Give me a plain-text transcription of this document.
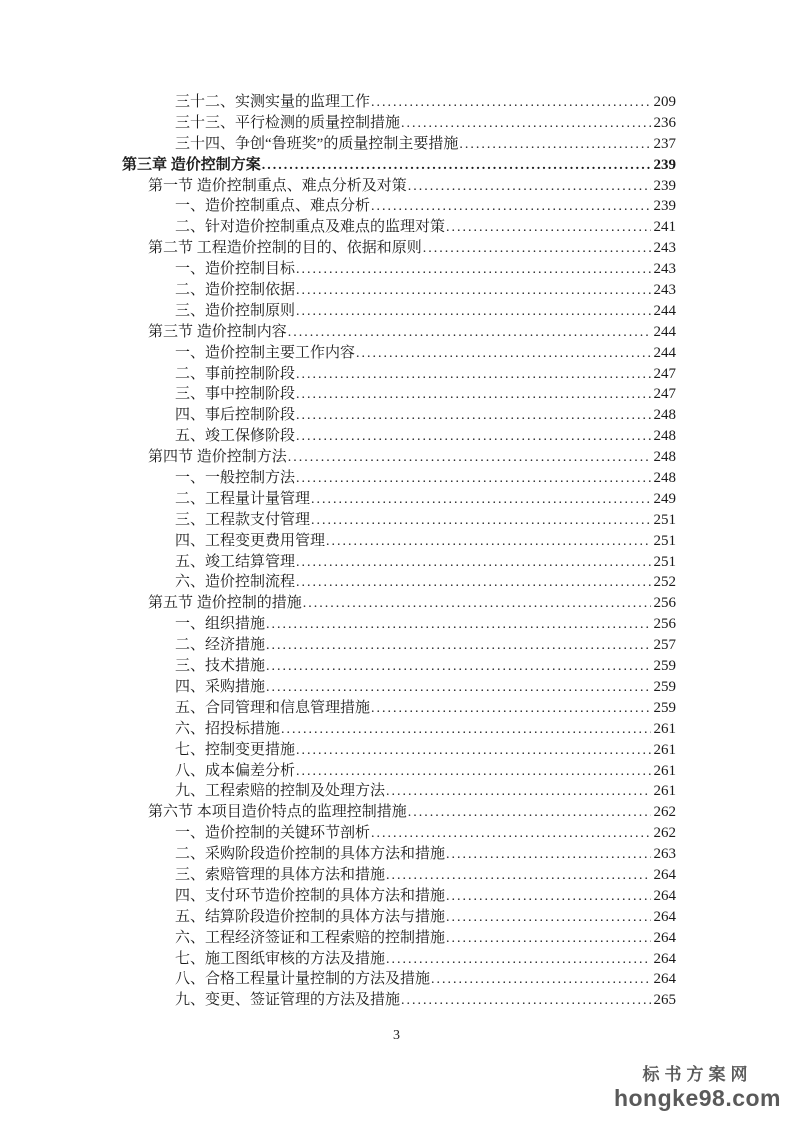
三十二、实测实量的监理工作 .....	209
三十三、平行检测的质量控制措施 .....	236
三十四、争创“鲁班奖”的质量控制主要措施 .....	237
第三章 造价控制方案 .....	239
第一节 造价控制重点、难点分析及对策 .....	239
一、造价控制重点、难点分析 .....	239
二、针对造价控制重点及难点的监理对策 .....	241
第二节 工程造价控制的目的、依据和原则 .....	243
一、造价控制目标 .....	243
二、造价控制依据 .....	243
三、造价控制原则 .....	244
第三节 造价控制内容 .....	244
一、造价控制主要工作内容 .....	244
二、事前控制阶段 .....	247
三、事中控制阶段 .....	247
四、事后控制阶段 .....	248
五、竣工保修阶段 .....	248
第四节 造价控制方法 .....	248
一、一般控制方法 .....	248
二、工程量计量管理 .....	249
三、工程款支付管理 .....	251
四、工程变更费用管理 .....	251
五、竣工结算管理 .....	251
六、造价控制流程 .....	252
第五节 造价控制的措施 .....	256
一、组织措施 .....	256
二、经济措施 .....	257
三、技术措施 .....	259
四、采购措施 .....	259
五、合同管理和信息管理措施 .....	259
六、招投标措施 .....	261
七、控制变更措施 .....	261
八、成本偏差分析 .....	261
九、工程索赔的控制及处理方法 .....	261
第六节 本项目造价特点的监理控制措施 .....	262
一、造价控制的关键环节剖析 .....	262
二、采购阶段造价控制的具体方法和措施 .....	263
三、索赔管理的具体方法和措施 .....	264
四、支付环节造价控制的具体方法和措施 .....	264
五、结算阶段造价控制的具体方法与措施 .....	264
六、工程经济签证和工程索赔的控制措施 .....	264
七、施工图纸审核的方法及措施 .....	264
八、合格工程量计量控制的方法及措施 .....	264
九、变更、签证管理的方法及措施 .....	265
3
标书方案网
hongke98.com
